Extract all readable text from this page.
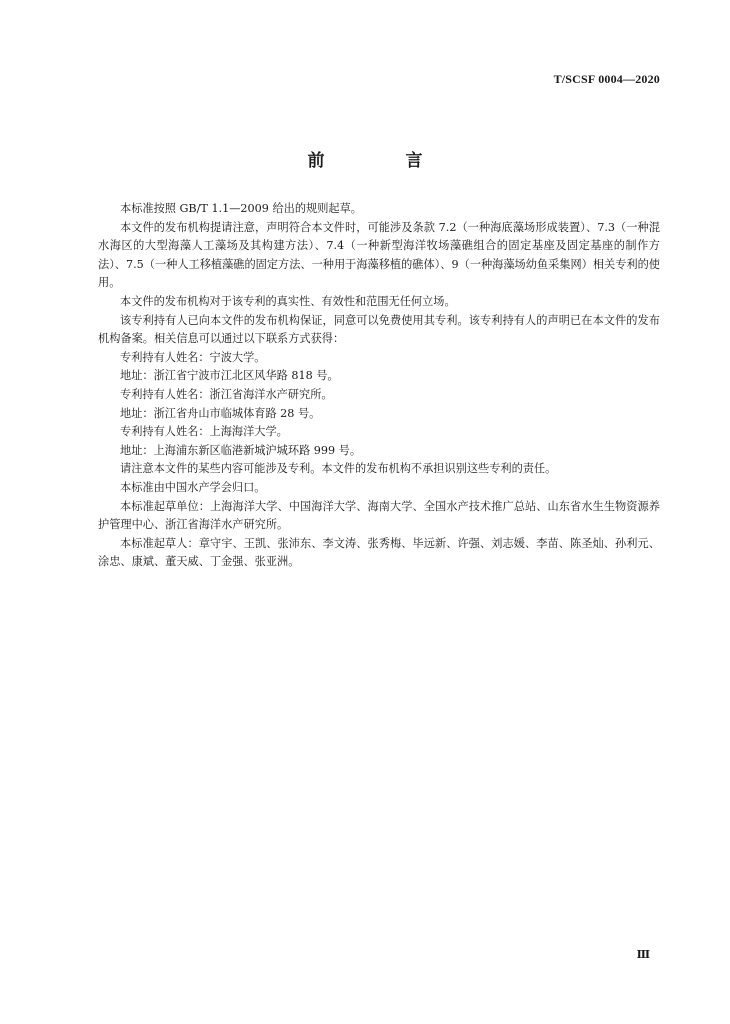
T/SCSF 0004—2020
前　言

本标准按照 GB/T 1.1—2009 给出的规则起草。

本文件的发布机构提请注意，声明符合本文件时，可能涉及条款 7.2（一种海底藻场形成装置）、7.3（一种混水海区的大型海藻人工藻场及其构建方法）、7.4（一种新型海洋牧场藻礁组合的固定基座及固定基座的制作方法）、7.5（一种人工移植藻礁的固定方法、一种用于海藻移植的礁体）、9（一种海藻场幼鱼采集网）相关专利的使用。

本文件的发布机构对于该专利的真实性、有效性和范围无任何立场。

该专利持有人已向本文件的发布机构保证，同意可以免费使用其专利。该专利持有人的声明已在本文件的发布机构备案。相关信息可以通过以下联系方式获得：

专利持有人姓名：宁波大学。

地址：浙江省宁波市江北区风华路 818 号。

专利持有人姓名：浙江省海洋水产研究所。

地址：浙江省舟山市临城体育路 28 号。

专利持有人姓名：上海海洋大学。

地址：上海浦东新区临港新城沪城环路 999 号。

请注意本文件的某些内容可能涉及专利。本文件的发布机构不承担识别这些专利的责任。

本标准由中国水产学会归口。

本标准起草单位：上海海洋大学、中国海洋大学、海南大学、全国水产技术推广总站、山东省水生生物资源养护管理中心、浙江省海洋水产研究所。

本标准起草人：章守宇、王凯、张沛东、李文涛、张秀梅、毕远新、许强、刘志媛、李苗、陈圣灿、孙利元、涂忠、康斌、董天威、丁金强、张亚洲。

Ⅲ
